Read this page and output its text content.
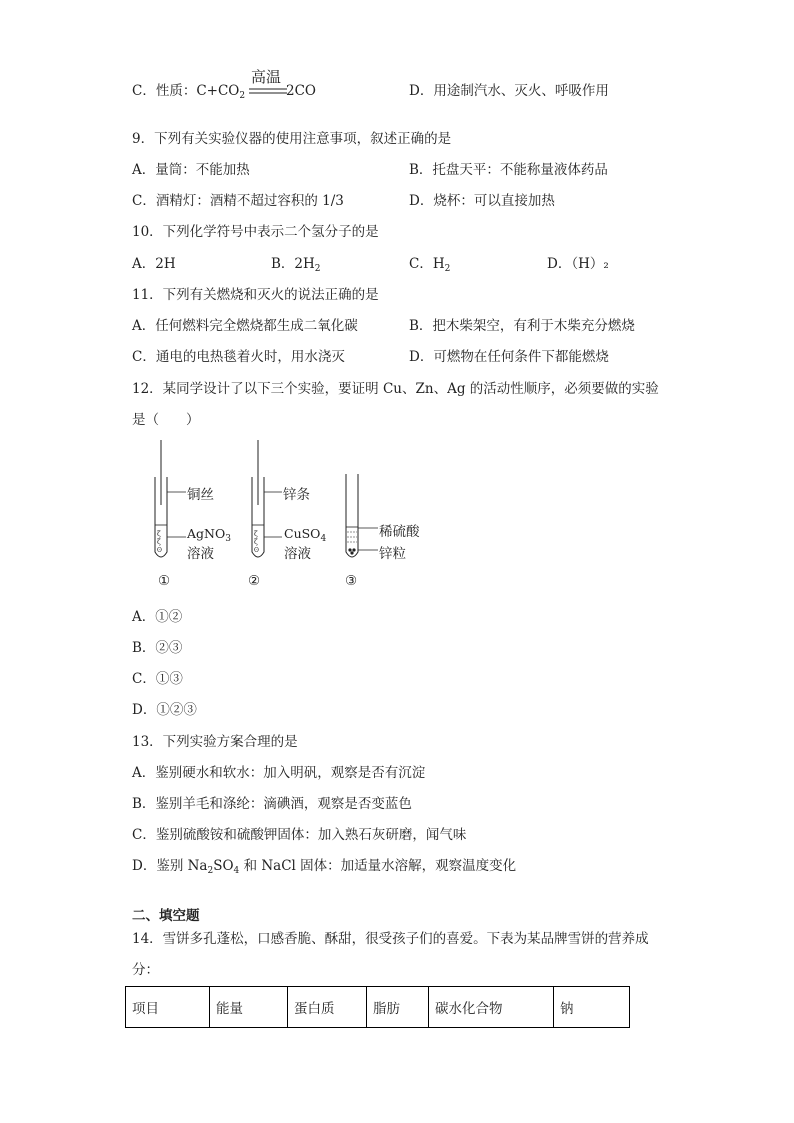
C．性质：$C+CO_2$
高温
2CO	D．用途制汽水、灭火、呼吸作用
9．下列有关实验仪器的使用注意事项，叙述正确的是
A．量筒：不能加热	B．托盘天平：不能称量液体药品
C．酒精灯：酒精不超过容积的 1/3	D．烧杯：可以直接加热
10．下列化学符号中表示二个氢分子的是
A．2H	B．$2H_2$	C．$H_2$	D．（H）₂
11．下列有关燃烧和灭火的说法正确的是
A．任何燃料完全燃烧都生成二氧化碳	B．把木柴架空，有利于木柴充分燃烧
C．通电的电热毯着火时，用水浇灭	D．可燃物在任何条件下都能燃烧
12．某同学设计了以下三个实验，要证明 Cu、Zn、Ag 的活动性顺序，必须要做的实验
是（　　）
ζ
ζ
ʘ
ζ
ζ
ʘ
铜丝
AgNO$_3$
溶液
锌条
CuSO$_4$
溶液
稀硫酸
锌粒
①	②	③
A．①②
B．②③
C．①③
D．①②③
13．下列实验方案合理的是
A．鉴别硬水和软水：加入明矾，观察是否有沉淀
B．鉴别羊毛和涤纶：滴碘酒，观察是否变蓝色
C．鉴别硫酸铵和硫酸钾固体：加入熟石灰研磨，闻气味
D．鉴别 $Na_2SO_4$ 和 NaCl 固体：加适量水溶解，观察温度变化
二、填空题
14．雪饼多孔蓬松，口感香脆、酥甜，很受孩子们的喜爱。下表为某品牌雪饼的营养成
分：
项目	能量	蛋白质	脂肪	碳水化合物	钠
